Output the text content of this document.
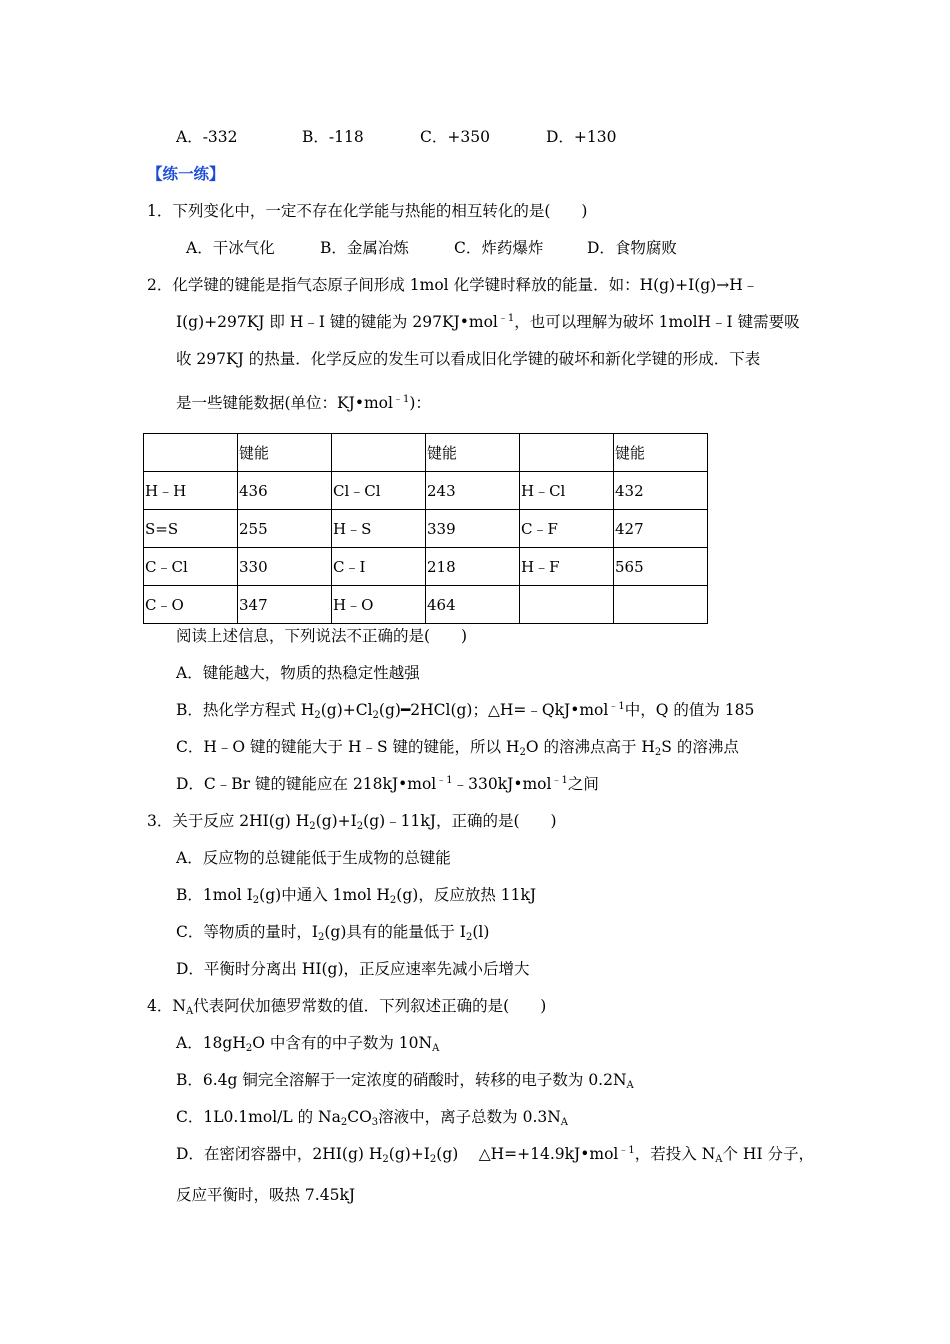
A．-332	B．-118	C．+350	D．+130
【练一练】
1．下列变化中，一定不存在化学能与热能的相互转化的是(　　)
A．干冰气化	B．金属冶炼	C．炸药爆炸	D．食物腐败
2．化学键的键能是指气态原子间形成 1mol 化学键时释放的能量．如：H(g)+I(g)→H﹣
I(g)+297KJ 即 H﹣I 键的键能为 297KJ•mol$^{﹣1}$，也可以理解为破坏 1molH﹣I 键需要吸
收 297KJ 的热量．化学反应的发生可以看成旧化学键的破坏和新化学键的形成．下表
是一些键能数据(单位：KJ•mol$^{﹣1}$)：
	键能		键能		键能
H﹣H	436	Cl﹣Cl	243	H﹣Cl	432
S=S	255	H﹣S	339	C﹣F	427
C﹣Cl	330	C﹣I	218	H﹣F	565
C﹣O	347	H﹣O	464		
阅读上述信息，下列说法不正确的是(　　)
A．键能越大，物质的热稳定性越强
B．热化学方程式 $H_2(g)+Cl_2(g)━2HCl(g)$；△H=﹣QkJ•mol$^{﹣1}$中，Q 的值为 185
C．H﹣O 键的键能大于 H﹣S 键的键能，所以 $H_2O$ 的溶沸点高于 $H_2S$ 的溶沸点
D．C﹣Br 键的键能应在 218kJ•mol$^{﹣1}$﹣330kJ•mol$^{﹣1}$之间
3．关于反应 2HI(g) $H_2(g)+I_2(g)﹣11kJ$，正确的是(　　)
A．反应物的总键能低于生成物的总键能
B．1mol $I_2(g)$中通入 1mol $H_2(g)$，反应放热 11kJ
C．等物质的量时，$I_2(g)$具有的能量低于 $I_2(l)$
D．平衡时分离出 HI(g)，正反应速率先减小后增大
4．$N_A$代表阿伏加德罗常数的值．下列叙述正确的是(　　)
A．$18gH_2O$ 中含有的中子数为 $10N_A$
B．6.4g 铜完全溶解于一定浓度的硝酸时，转移的电子数为 $0.2N_A$
C．1L0.1mol/L 的 $Na_2CO_3$溶液中，离子总数为 $0.3N_A$
D．在密闭容器中，2HI(g) $H_2(g)+I_2(g)$　 △H=+14.9kJ•mol$^{﹣1}$，若投入 $N_A$个 HI 分子，
反应平衡时，吸热 7.45kJ
